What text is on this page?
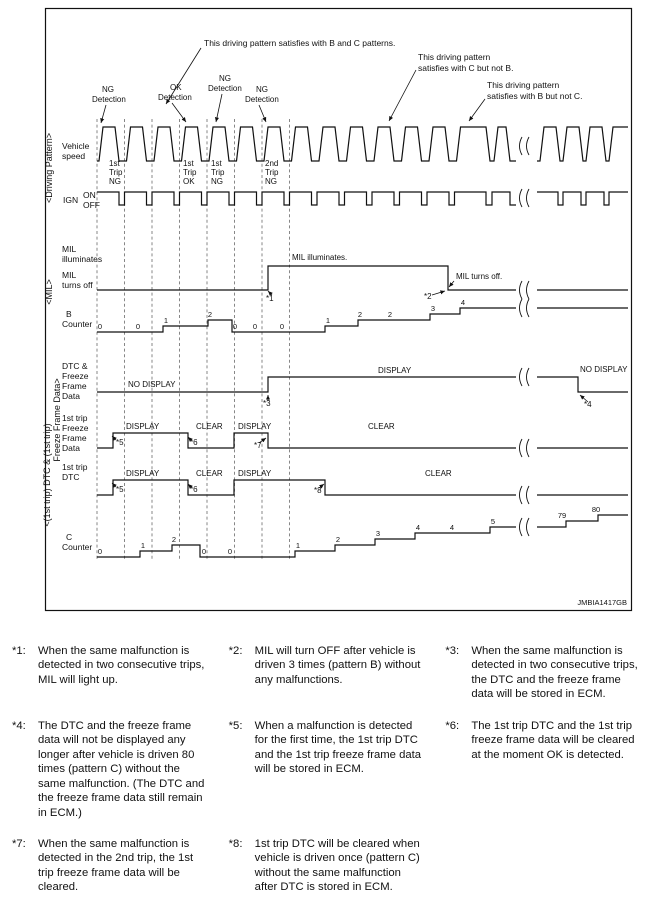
<Driving Pattern>
<MIL>
<(1st trip) DTC & (1st trip)
Freeze Frame Data>
Vehicle
speed
IGN ON
OFF
MIL
illuminates
MIL
turns off
B
Counter
DTC &
Freeze
Frame
Data
1st trip
Freeze
Frame
Data
1st trip
DTC
C
Counter
This driving pattern satisfies with B and C patterns.
This driving pattern
satisfies with C but not B.
This driving pattern
satisfies with B but not C.
NG
Detection
OK
Detection
NG
Detection NG
Detection
1st
Trip
NG
1st
Trip
OK
1st
Trip
NG
2nd
Trip
NG
MIL illuminates.
MIL turns off.
NO DISPLAY
DISPLAY	NO DISPLAY
DISPLAY	CLEAR DISPLAY	CLEAR
DISPLAY	CLEAR DISPLAY	CLEAR
*1	*2
*3	*4
*5	*6	*7
*5	*6	*8
0	0
1
2
0 0	0
1
2	2
3
4
0
1
2
0	0
1
2
3
4	4
5
79
80
JMBIA1417GB
*1:	When the same malfunction is detected in two consecutive trips, MIL will light up.
*2:	MIL will turn OFF after vehicle is driven 3 times (pattern B) without any malfunctions.
*3:	When the same malfunction is detected in two consecutive trips, the DTC and the freeze frame data will be stored in ECM.
*4:	The DTC and the freeze frame data will not be displayed any longer after vehicle is driven 80 times (pattern C) without the same malfunction. (The DTC and the freeze frame data still remain in ECM.)
*5:	When a malfunction is detected for the first time, the 1st trip DTC and the 1st trip freeze frame data will be stored in ECM.
*6:	The 1st trip DTC and the 1st trip freeze frame data will be cleared at the moment OK is detected.
*7:	When the same malfunction is detected in the 2nd trip, the 1st trip freeze frame data will be cleared.
*8:	1st trip DTC will be cleared when vehicle is driven once (pattern C) without the same malfunction after DTC is stored in ECM.
